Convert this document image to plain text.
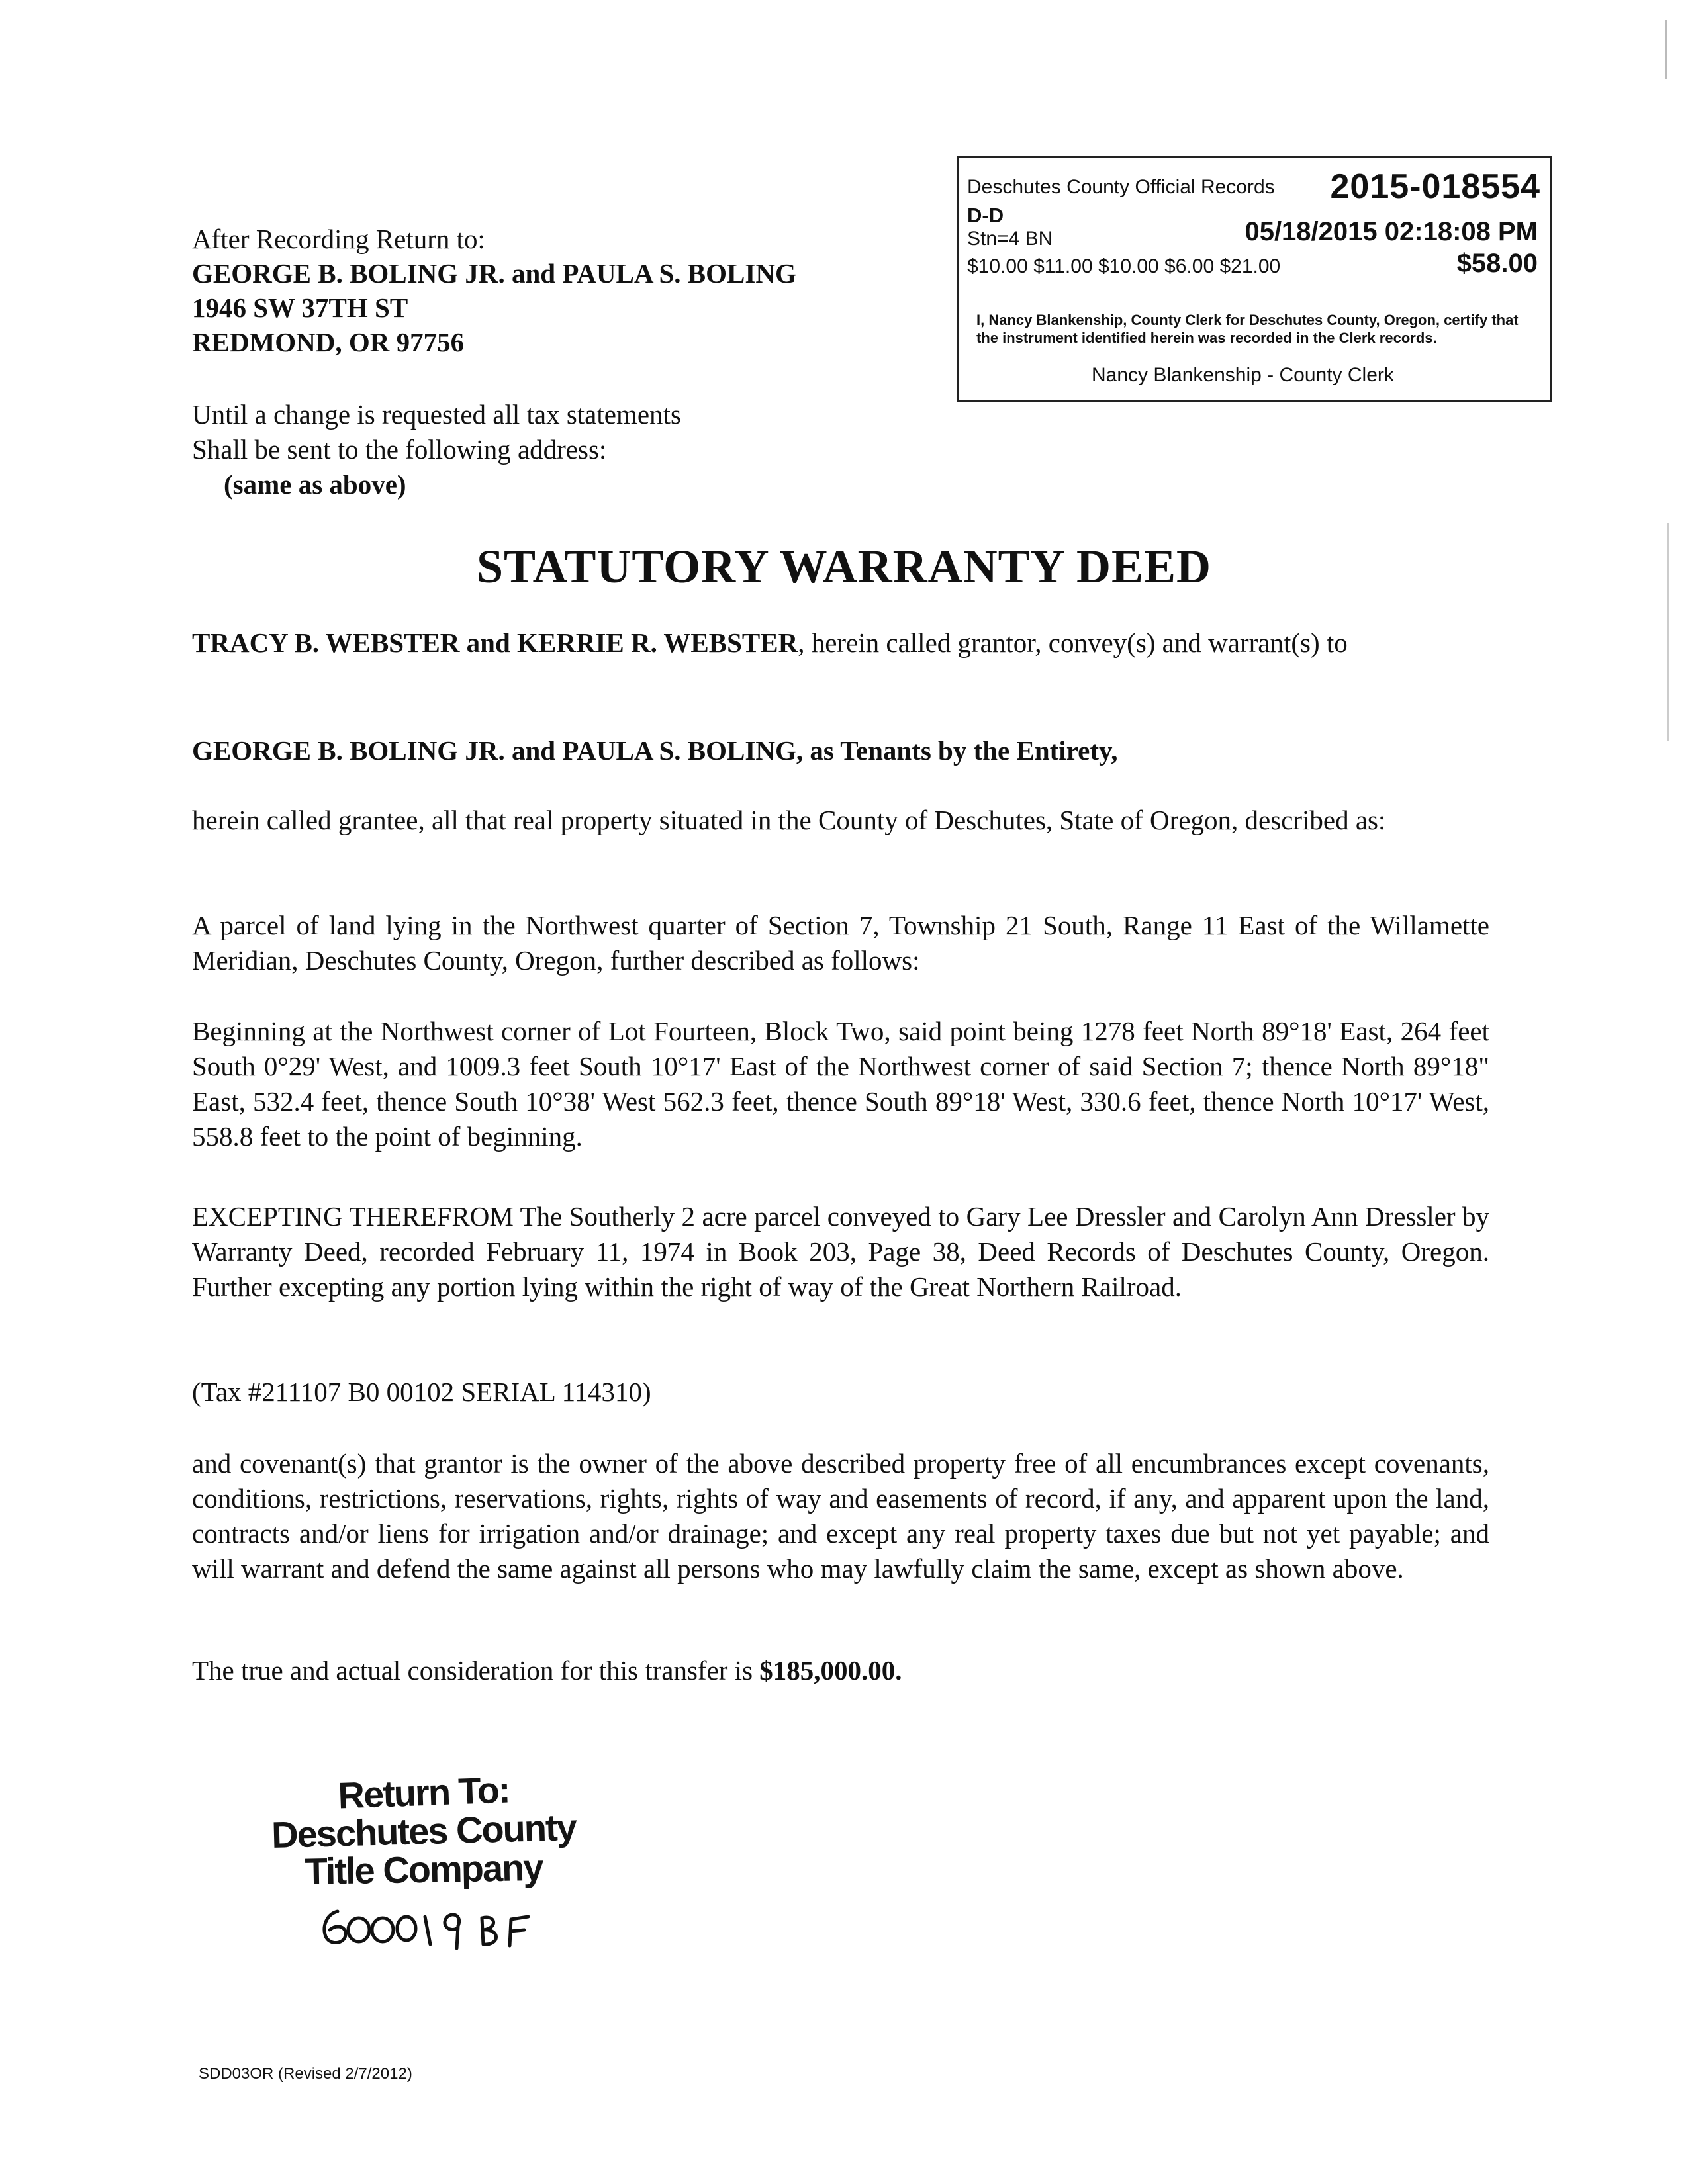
After Recording Return to:
GEORGE B. BOLING JR. and PAULA S. BOLING
1946 SW 37TH ST
REDMOND, OR 97756
Until a change is requested all tax statements
Shall be sent to the following address:
(same as above)
Deschutes County Official Records 2015-018554
D-D
Stn=4 BN	05/18/2015 02:18:08 PM
$10.00 $11.00 $10.00 $6.00 $21.00	$58.00
I, Nancy Blankenship, County Clerk for Deschutes County, Oregon, certify that the instrument identified herein was recorded in the Clerk records.
Nancy Blankenship - County Clerk
STATUTORY WARRANTY DEED
TRACY B. WEBSTER and KERRIE R. WEBSTER, herein called grantor, convey(s) and warrant(s) to
GEORGE B. BOLING JR. and PAULA S. BOLING, as Tenants by the Entirety,
herein called grantee, all that real property situated in the County of Deschutes, State of Oregon, described as:
A parcel of land lying in the Northwest quarter of Section 7, Township 21 South, Range 11 East of the Willamette Meridian, Deschutes County, Oregon, further described as follows:
Beginning at the Northwest corner of Lot Fourteen, Block Two, said point being 1278 feet North 89°18' East, 264 feet South 0°29' West, and 1009.3 feet South 10°17' East of the Northwest corner of said Section 7; thence North 89°18" East, 532.4 feet, thence South 10°38' West 562.3 feet, thence South 89°18' West, 330.6 feet, thence North 10°17' West, 558.8 feet to the point of beginning.
EXCEPTING THEREFROM The Southerly 2 acre parcel conveyed to Gary Lee Dressler and Carolyn Ann Dressler by Warranty Deed, recorded February 11, 1974 in Book 203, Page 38, Deed Records of Deschutes County, Oregon. Further excepting any portion lying within the right of way of the Great Northern Railroad.
(Tax #211107 B0 00102 SERIAL 114310)
and covenant(s) that grantor is the owner of the above described property free of all encumbrances except covenants, conditions, restrictions, reservations, rights, rights of way and easements of record, if any, and apparent upon the land, contracts and/or liens for irrigation and/or drainage; and except any real property taxes due but not yet payable; and will warrant and defend the same against all persons who may lawfully claim the same, except as shown above.
The true and actual consideration for this transfer is $185,000.00.
Return To:
Deschutes County
Title Company
SDD03OR (Revised 2/7/2012)
